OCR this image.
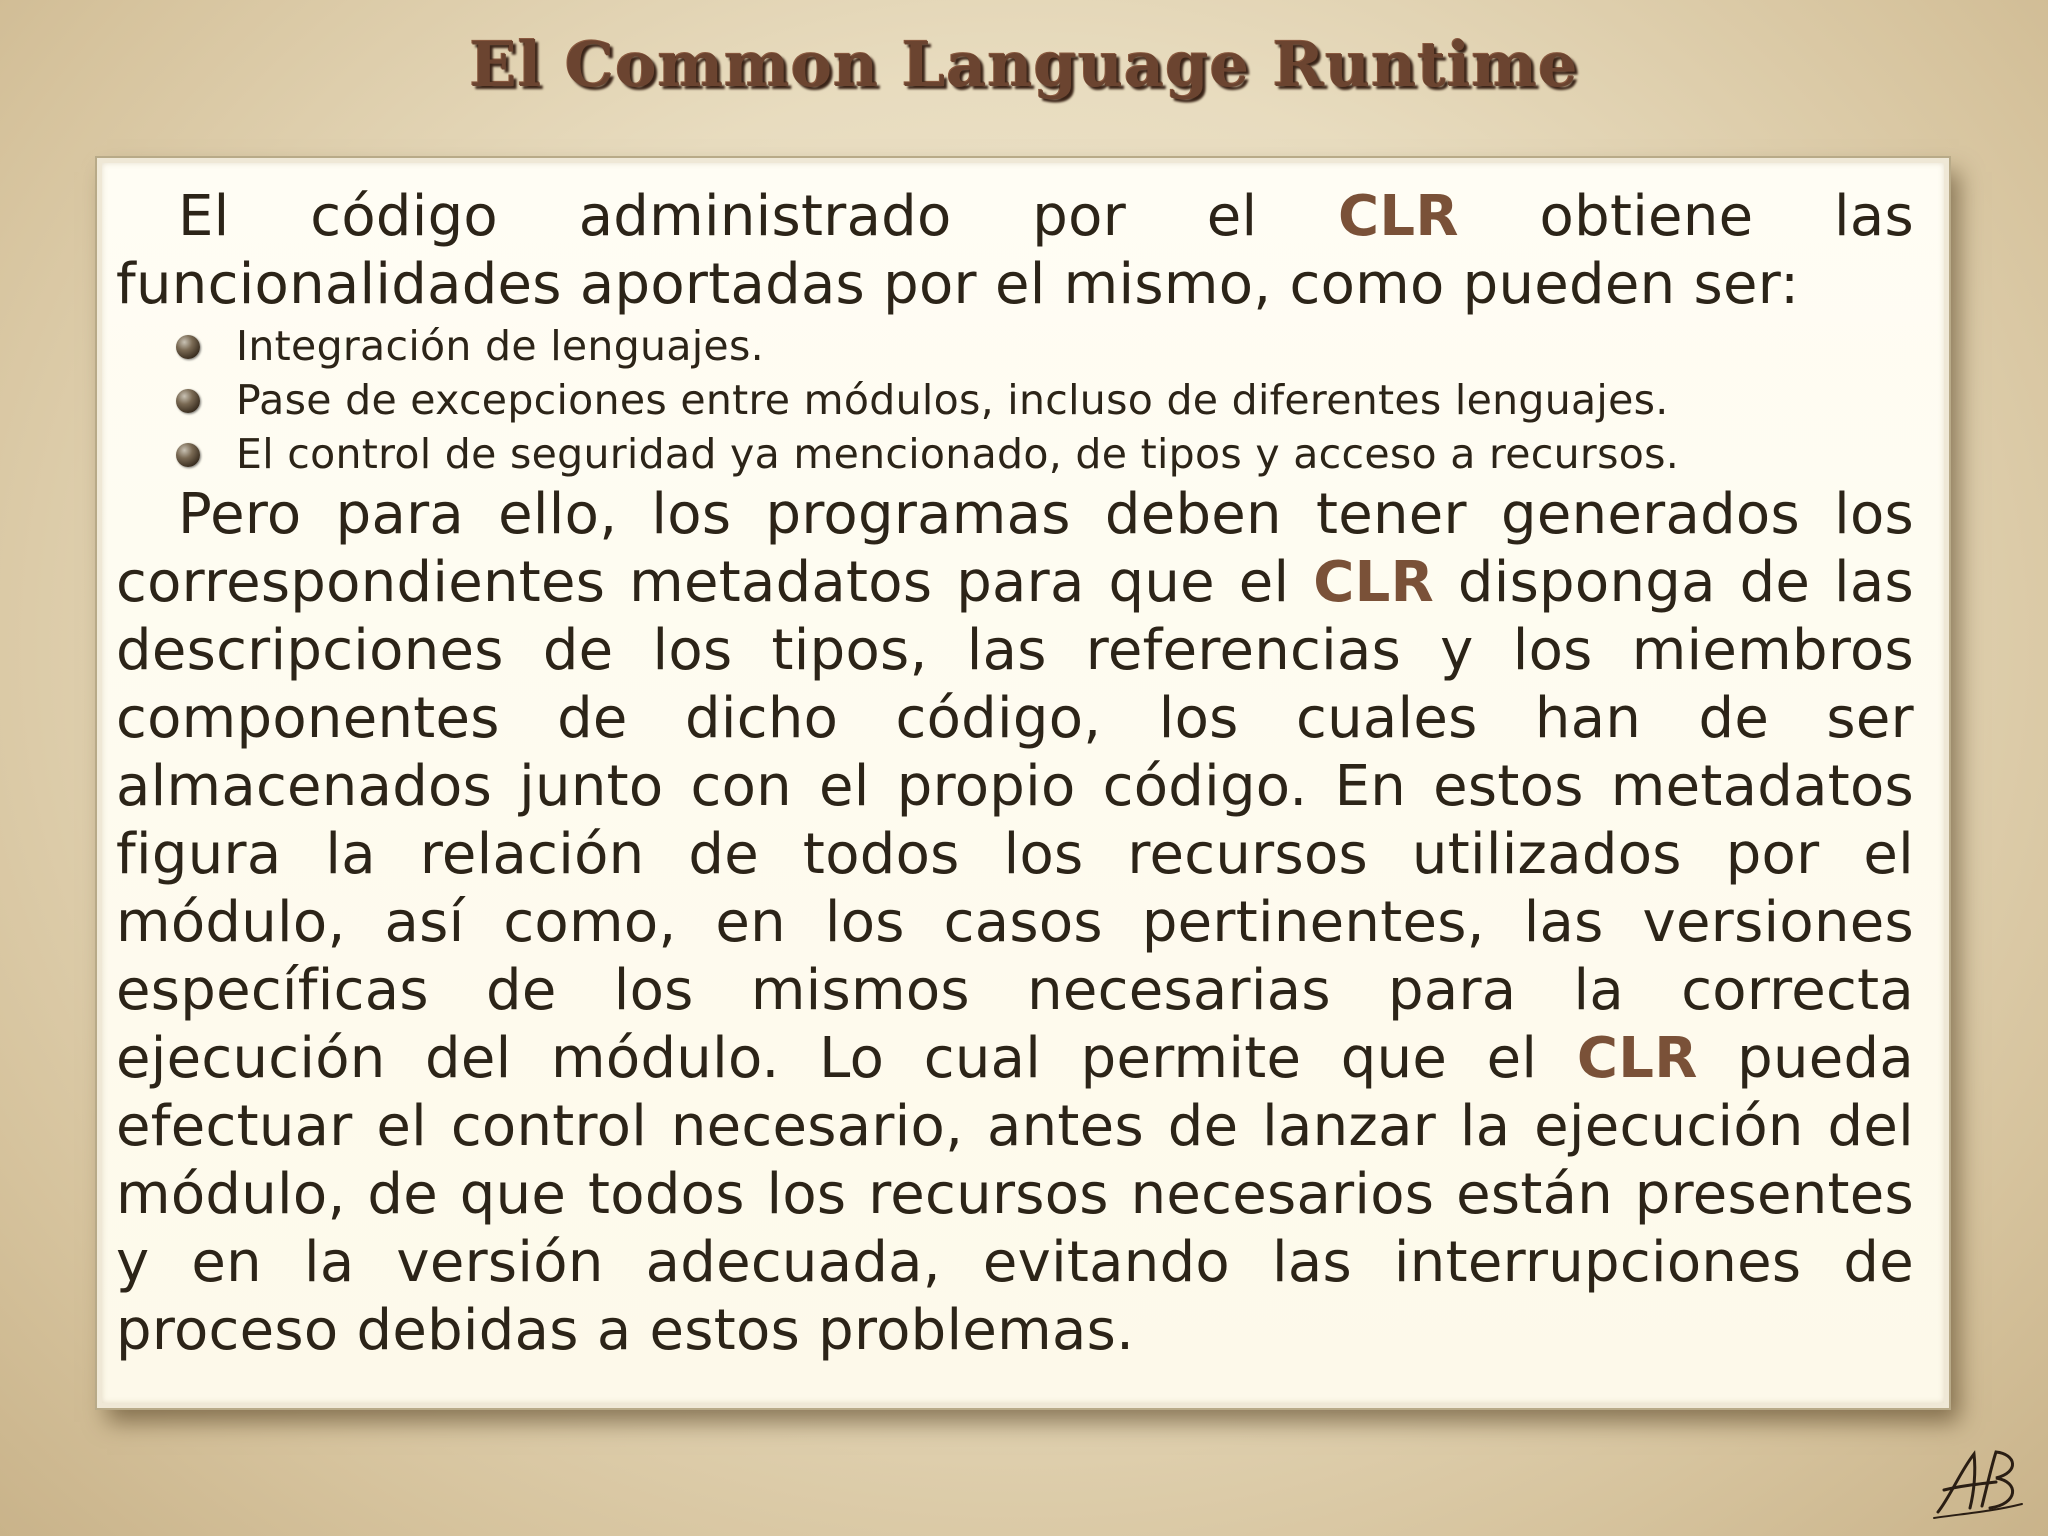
El Common Language Runtime

El código administrado por el CLR obtiene las funcionalidades aportadas por el mismo, como pueden ser:

Integración de lenguajes.
Pase de excepciones entre módulos, incluso de diferentes lenguajes.
El control de seguridad ya mencionado, de tipos y acceso a recursos.

Pero para ello, los programas deben tener generados los correspondientes metadatos para que el CLR disponga de las descripciones de los tipos, las referencias y los miembros componentes de dicho código, los cuales han de ser almacenados junto con el propio código. En estos metadatos figura la relación de todos los recursos utilizados por el módulo, así como, en los casos pertinentes, las versiones específicas de los mismos necesarias para la correcta ejecución del módulo. Lo cual permite que el CLR pueda efectuar el control necesario, antes de lanzar la ejecución del módulo, de que todos los recursos necesarios están presentes y en la versión adecuada, evitando las interrupciones de proceso debidas a estos problemas.
